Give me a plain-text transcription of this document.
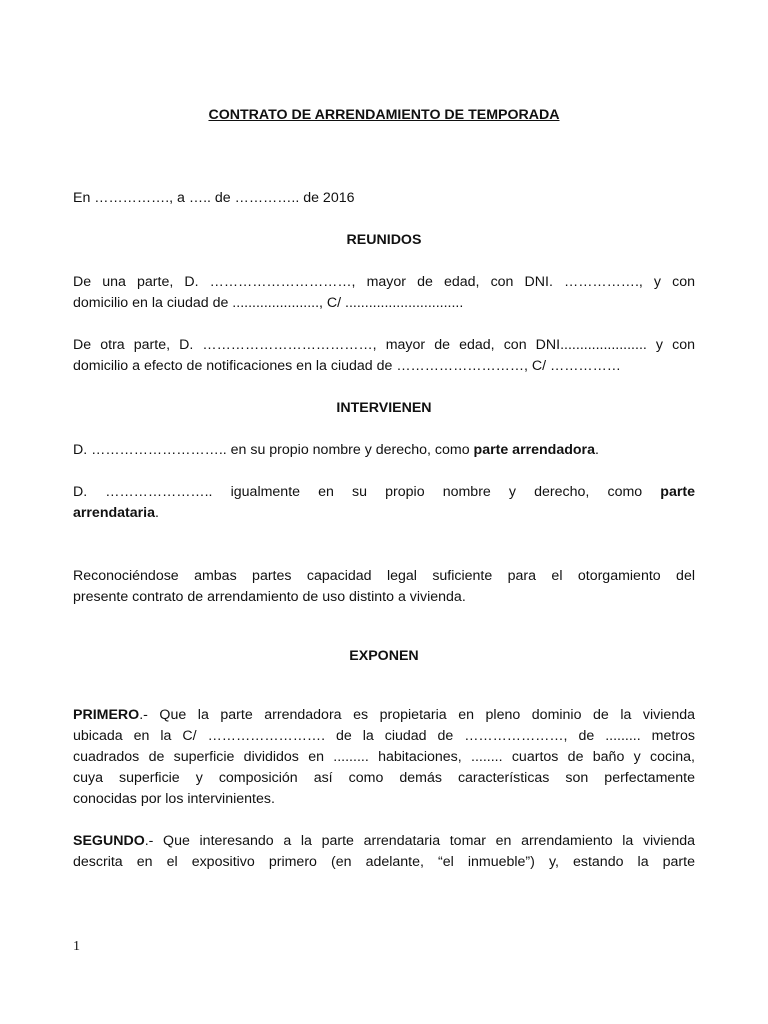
CONTRATO DE ARRENDAMIENTO DE TEMPORADA
En ……………., a ….. de ………….. de 2016
REUNIDOS
De una parte, D. …………………………, mayor de edad, con DNI. ……………., y con
domicilio en la ciudad de ......................, C/ ..............................
De otra parte, D. ………………………………, mayor de edad, con DNI...................... y con
domicilio a efecto de notificaciones en la ciudad de ………………………, C/ ……………
INTERVIENEN
D. ……………………….. en su propio nombre y derecho, como parte arrendadora.
D. ………………….. igualmente en su propio nombre y derecho, como parte
arrendataria.
Reconociéndose ambas partes capacidad legal suficiente para el otorgamiento del
presente contrato de arrendamiento de uso distinto a vivienda.
EXPONEN
PRIMERO.- Que la parte arrendadora es propietaria en pleno dominio de la vivienda
ubicada en la C/ ……………………. de la ciudad de …………………, de ......... metros
cuadrados de superficie divididos en ......... habitaciones, ........ cuartos de baño y cocina,
cuya superficie y composición así como demás características son perfectamente
conocidas por los intervinientes.
SEGUNDO.- Que interesando a la parte arrendataria tomar en arrendamiento la vivienda
descrita en el expositivo primero (en adelante, “el inmueble”) y, estando la parte
1
